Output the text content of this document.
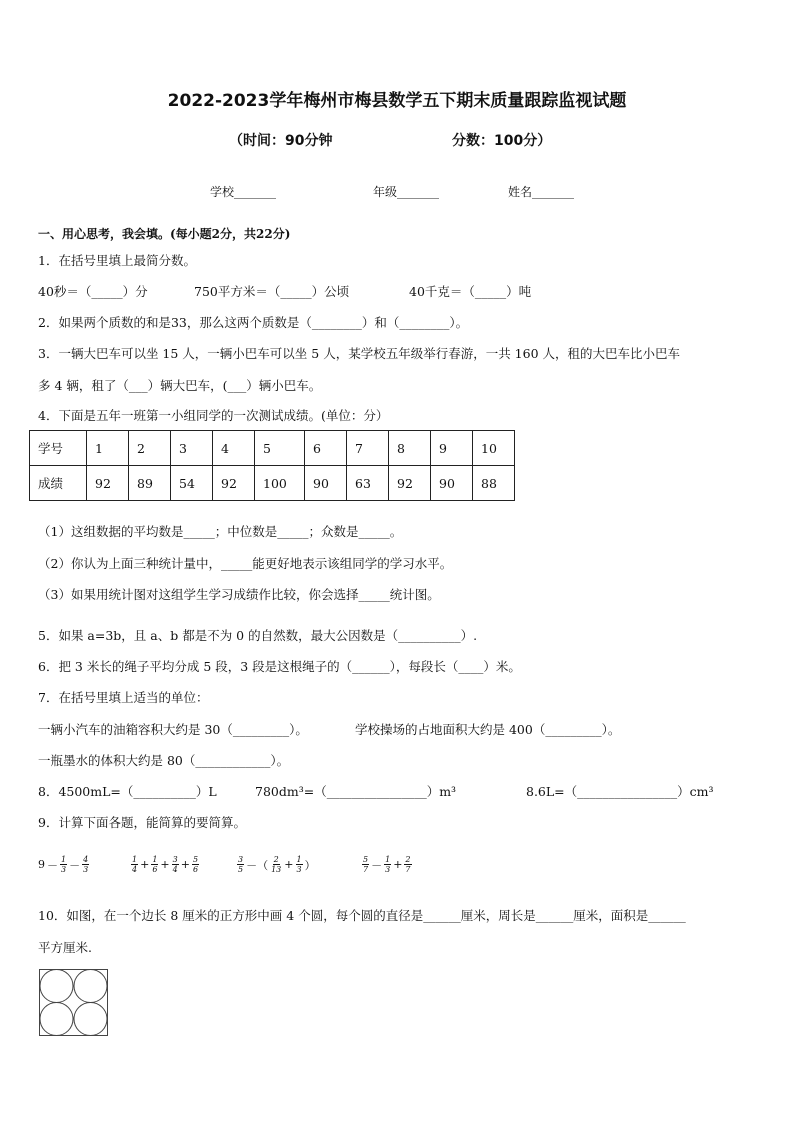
2022-2023学年梅州市梅县数学五下期末质量跟踪监视试题
（时间：90分钟	分数：100分）
学校_______	年级_______	姓名_______
一、用心思考，我会填。(每小题2分，共22分)
1．在括号里填上最简分数。
40秒＝（_____）分	750平方米＝（_____）公顷	40千克＝（_____）吨
2．如果两个质数的和是33，那么这两个质数是（________）和（________）。
3．一辆大巴车可以坐 15 人，一辆小巴车可以坐 5 人，某学校五年级举行春游，一共 160 人，租的大巴车比小巴车
多 4 辆，租了（___）辆大巴车，(___）辆小巴车。
4．下面是五年一班第一小组同学的一次测试成绩。(单位：分）
学号	1	2	3	4	5	6	7	8	9	10
成绩	92	89	54	92	100	90	63	92	90	88
（1）这组数据的平均数是_____；中位数是_____；众数是_____。
（2）你认为上面三种统计量中，_____能更好地表示该组同学的学习水平。
（3）如果用统计图对这组学生学习成绩作比较，你会选择_____统计图。
5．如果 a=3b，且 a、b 都是不为 0 的自然数，最大公因数是（__________）.
6．把 3 米长的绳子平均分成 5 段，3 段是这根绳子的（______），每段长（____）米。
7．在括号里填上适当的单位：
一辆小汽车的油箱容积大约是 30（_________）。	学校操场的占地面积大约是 400（_________）。
一瓶墨水的体积大约是 80（____________）。
8．4500mL=（__________）L	780dm³=（________________）m³	8.6L=（________________）cm³
9．计算下面各题，能简算的要简算。
$9 - \frac{1}{3} - \frac{4}{3}$	$\frac{1}{4} + \frac{1}{6} + \frac{3}{4} + \frac{5}{6}$	$\frac{3}{5}$ －（ $\frac{2}{13} + \frac{1}{3}$ ）	$\frac{5}{7} - \frac{1}{3} + \frac{2}{7}$
10．如图，在一个边长 8 厘米的正方形中画 4 个圆，每个圆的直径是______厘米，周长是______厘米，面积是______
平方厘米.
